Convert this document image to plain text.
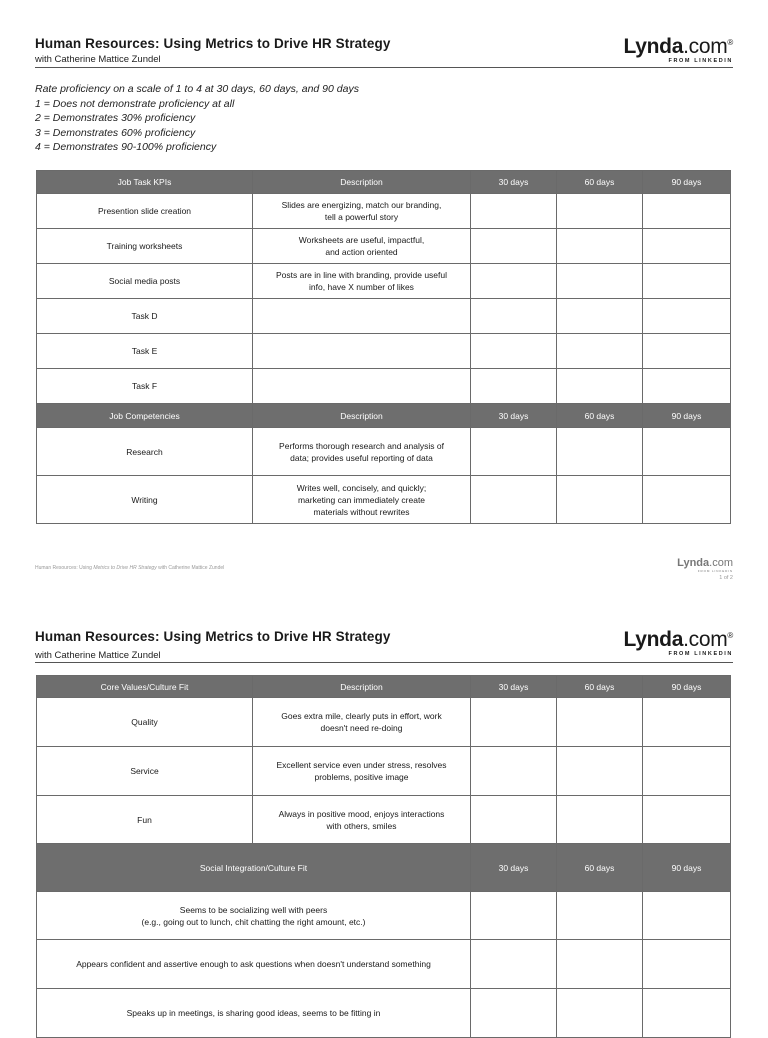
Human Resources: Using Metrics to Drive HR Strategy
with Catherine Mattice Zundel
Lynda.com®
FROM LINKEDIN
Rate proficiency on a scale of 1 to 4 at 30 days, 60 days, and 90 days
1 = Does not demonstrate proficiency at all
2 = Demonstrates 30% proficiency
3 = Demonstrates 60% proficiency
4 = Demonstrates 90-100% proficiency
Job Task KPIs	Description	30 days	60 days	90 days
Presention slide creation	Slides are energizing, match our branding,
tell a powerful story			
Training worksheets	Worksheets are useful, impactful,
and action oriented			
Social media posts	Posts are in line with branding, provide useful
info, have X number of likes			
Task D				
Task E				
Task F				
Job Competencies	Description	30 days	60 days	90 days
Research	Performs thorough research and analysis of
data; provides useful reporting of data			
Writing	Writes well, concisely, and quickly;
marketing can immediately create
materials without rewrites			
Human Resources: Using Metrics to Drive HR Strategy with Catherine Mattice Zundel	Lynda.com
FROM LINKEDIN
1 of 2
Human Resources: Using Metrics to Drive HR Strategy
with Catherine Mattice Zundel
Lynda.com®
FROM LINKEDIN
Core Values/Culture Fit	Description	30 days	60 days	90 days
Quality	Goes extra mile, clearly puts in effort, work
doesn't need re-doing			
Service	Excellent service even under stress, resolves
problems, positive image			
Fun	Always in positive mood, enjoys interactions
with others, smiles			
Social Integration/Culture Fit	30 days	60 days	90 days
Seems to be socializing well with peers
(e.g., going out to lunch, chit chatting the right amount, etc.)			
Appears confident and assertive enough to ask questions when doesn't understand something			
Speaks up in meetings, is sharing good ideas, seems to be fitting in			
